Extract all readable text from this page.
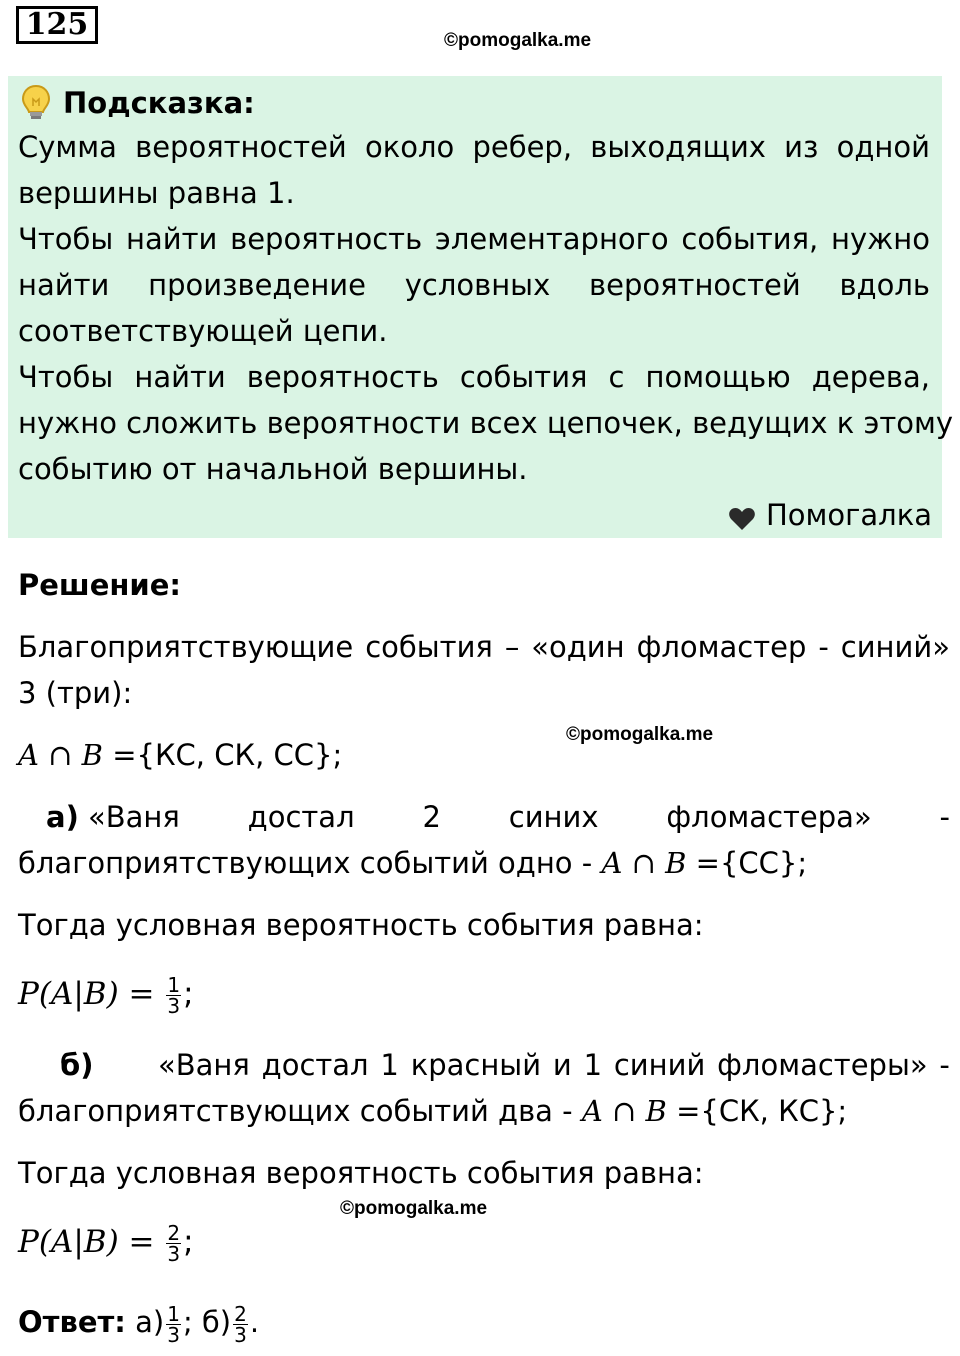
125	©pomogalka.me
Подсказка:
Сумма вероятностей около ребер, выходящих из одной
вершины равна 1.
Чтобы найти вероятность элементарного события, нужно
найти произведение условных вероятностей вдоль
соответствующей цепи.
Чтобы найти вероятность события с помощью дерева,
нужно сложить вероятности всех цепочек, ведущих к этому
событию от начальной вершины.
Помогалка
Решение:
Благоприятствующие события – «один фломастер - синий»
3 (три):
©pomogalka.me
A ∩ B ={КС, СК, СС};
а) «Ваня достал 2 синих фломастера» -
благоприятствующих событий одно - A ∩ B ={СС};
Тогда условная вероятность события равна:
$P(A|B) = \frac{1}{3}$ ;
б) «Ваня достал 1 красный и 1 синий фломастеры» -
благоприятствующих событий два - A ∩ B ={СК, КС};
Тогда условная вероятность события равна:
©pomogalka.me
$P(A|B) = \frac{2}{3}$ ;
Ответ: $а) \frac{1}{3}$ ; $б) \frac{2}{3}$ .
